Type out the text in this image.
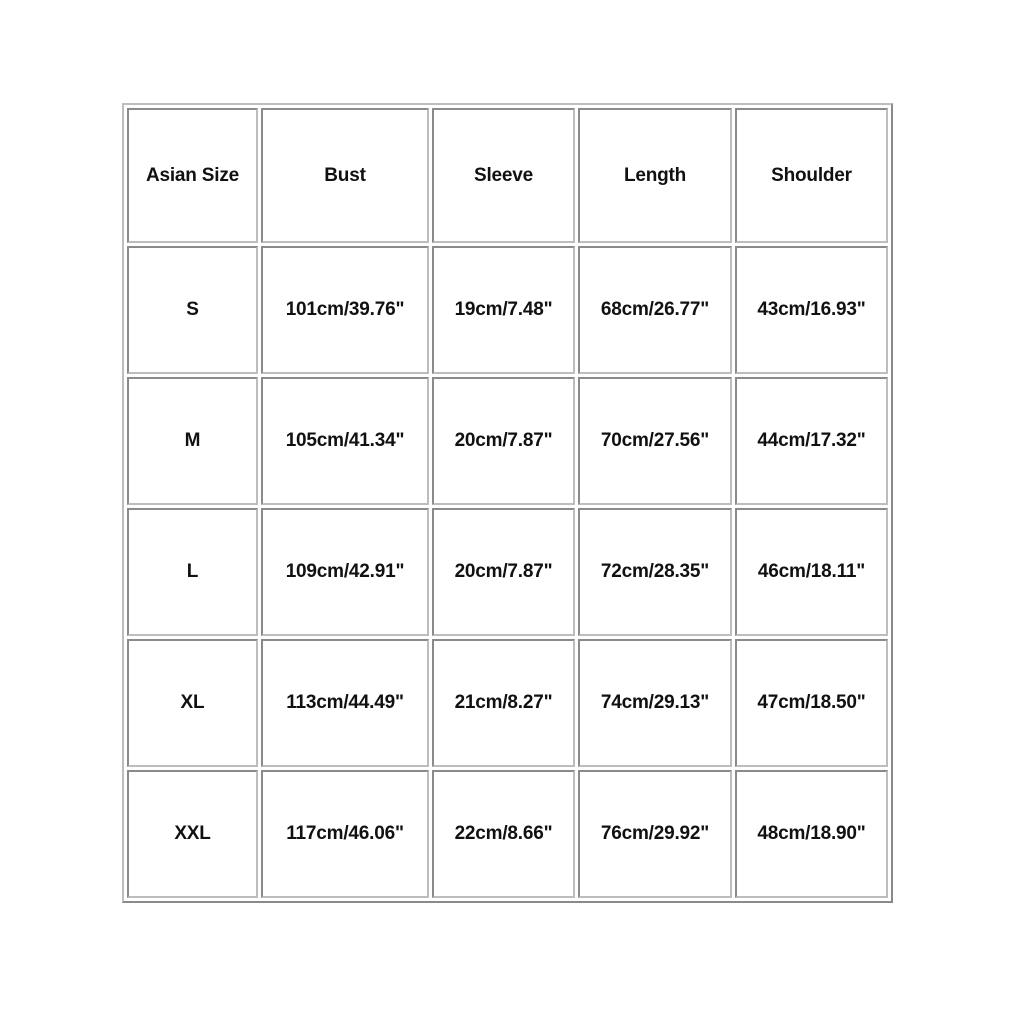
Asian Size	Bust	Sleeve	Length	Shoulder
S	101cm/39.76"	19cm/7.48"	68cm/26.77"	43cm/16.93"
M	105cm/41.34"	20cm/7.87"	70cm/27.56"	44cm/17.32"
L	109cm/42.91"	20cm/7.87"	72cm/28.35"	46cm/18.11"
XL	113cm/44.49"	21cm/8.27"	74cm/29.13"	47cm/18.50"
XXL	117cm/46.06"	22cm/8.66"	76cm/29.92"	48cm/18.90"
